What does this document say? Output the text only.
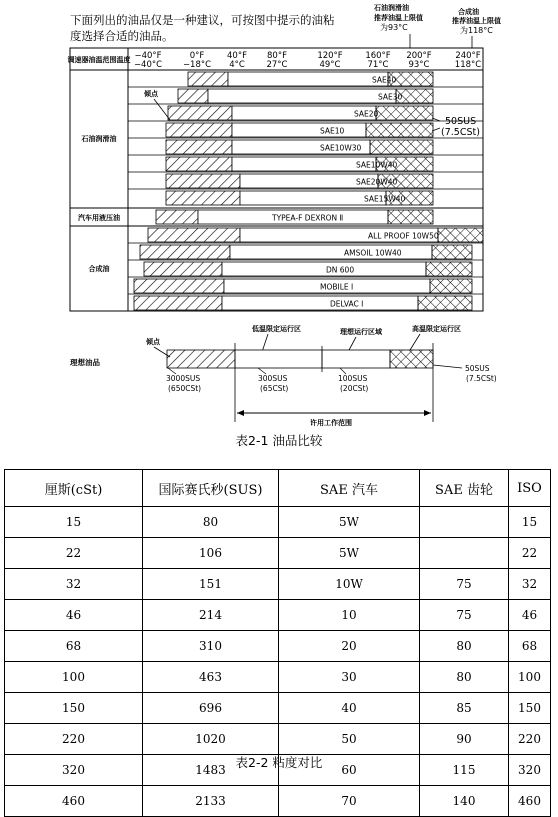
下面列出的油品仅是一种建议，可按图中提示的油粘
度选择合适的油品。
石油润滑油
推荐油温上限值
为93°C
合成油
推荐油温上限值
为118°C
调速器油温范围温度 −40°F
−40°C
0°F
−18°C
40°F
4°C
80°F
27°C
120°F
49°C
160°F
71°C
200°F
93°C
240°F
118°C
石油润滑油
汽车用液压油
合成油
SAE40
SAE30
SAE20
SAE10
SAE10W30
SAE10W40
SAE20W40
SAE15W40
TYPEA-F DEXRON Ⅱ
ALL PROOF 10W50
AMSOIL 10W40
DN 600
MOBILE Ⅰ
DELVAC Ⅰ
倾点
50SUS
(7.5CSt)
理想油品
倾点
低温限定运行区	理想运行区域	高温限定运行区
3000SUS
(650CSt)
300SUS
(65CSt)
100SUS
(20CSt)
50SUS
(7.5CSt)
许用工作范围
表2-1 油品比较
厘斯(cSt)	国际赛氏秒(SUS)	SAE 汽车	SAE 齿轮	ISO
15	80	5W		15
22	106	5W		22
32	151	10W	75	32
46	214	10	75	46
68	310	20	80	68
100	463	30	80	100
150	696	40	85	150
220	1020	50	90	220
320	1483	60	115	320
460	2133	70	140	460
表2-2 粘度对比
